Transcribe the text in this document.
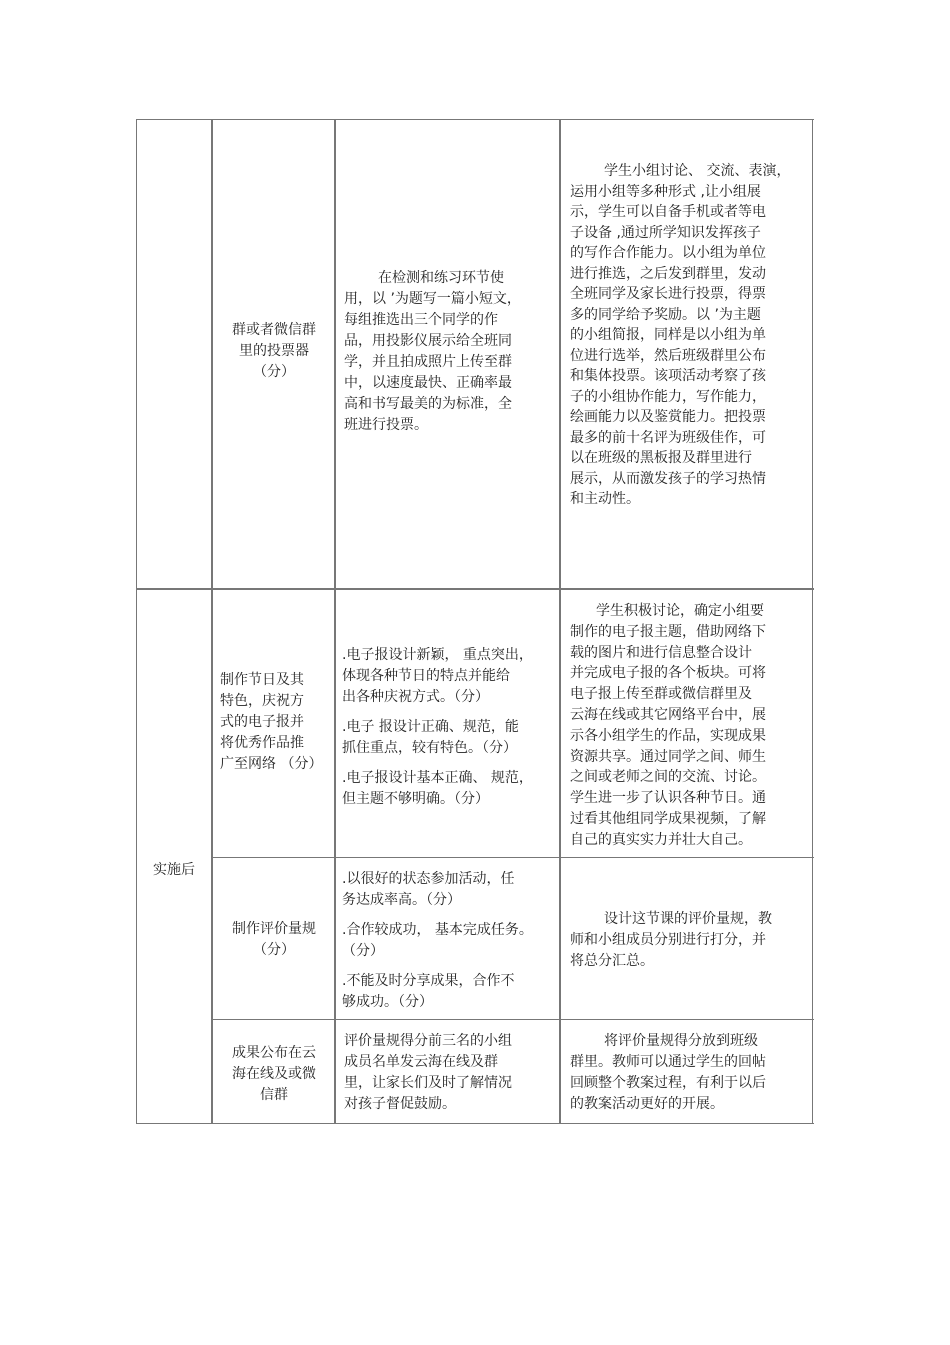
群或者微信群
里的投票器
（分）
在检测和练习环节使
用，以 ’为题写一篇小短文，
每组推选出三个同学的作
品，用投影仪展示给全班同
学，并且拍成照片上传至群
中，以速度最快、正确率最
高和书写最美的为标准，全
班进行投票。
学生小组讨论、 交流、表演，
运用小组等多种形式 ,让小组展
示，学生可以自备手机或者等电
子设备 ,通过所学知识发挥孩子
的写作合作能力。以小组为单位
进行推选，之后发到群里，发动
全班同学及家长进行投票，得票
多的同学给予奖励。以 ’为主题
的小组简报，同样是以小组为单
位进行选举，然后班级群里公布
和集体投票。该项活动考察了孩
子的小组协作能力，写作能力，
绘画能力以及鉴赏能力。把投票
最多的前十名评为班级佳作，可
以在班级的黑板报及群里进行
展示，从而激发孩子的学习热情
和主动性。
实施后
制作节日及其
特色，庆祝方
式的电子报并
将优秀作品推
广至网络 （分）

.电子报设计新颖， 重点突出，
体现各种节日的特点并能给
出各种庆祝方式。（分）

.电子 报设计正确、规范，能
抓住重点，较有特色。（分）

.电子报设计基本正确、 规范，
但主题不够明确。（分）

学生积极讨论，确定小组要
制作的电子报主题，借助网络下
载的图片和进行信息整合设计
并完成电子报的各个板块。可将
电子报上传至群或微信群里及
云海在线或其它网络平台中，展
示各小组学生的作品，实现成果
资源共享。通过同学之间、师生
之间或老师之间的交流、讨论。
学生进一步了认识各种节日。通
过看其他组同学成果视频，了解
自己的真实实力并壮大自己。
制作评价量规
（分）

.以很好的状态参加活动，任
务达成率高。（分）

.合作较成功， 基本完成任务。
（分）

.不能及时分享成果，合作不
够成功。（分）

设计这节课的评价量规，教
师和小组成员分别进行打分，并
将总分汇总。
成果公布在云
海在线及或微
信群
评价量规得分前三名的小组
成员名单发云海在线及群
里，让家长们及时了解情况
对孩子督促鼓励。
将评价量规得分放到班级
群里。教师可以通过学生的回帖
回顾整个教案过程，有利于以后
的教案活动更好的开展。
